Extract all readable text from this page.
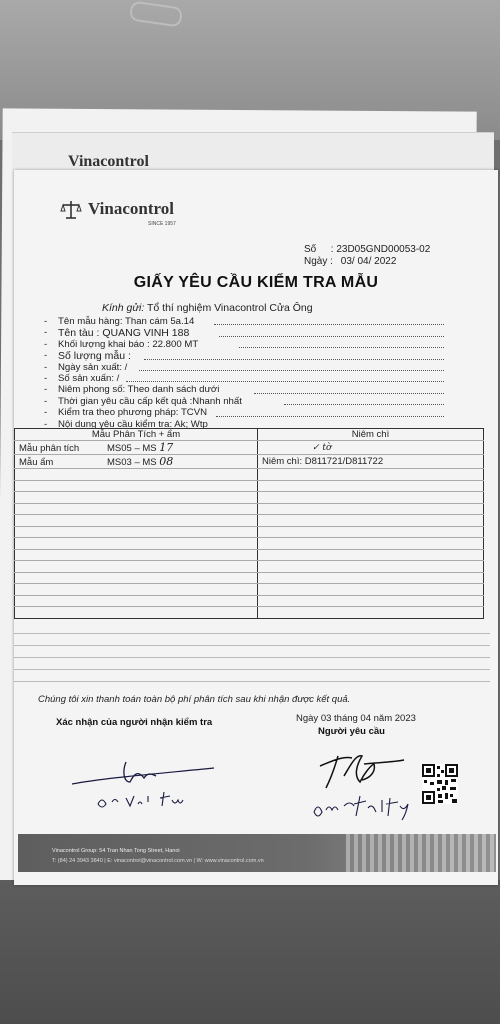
Vinacontrol
Vinacontrol
SINCE 1957
Số : 23D05GND00053-02
Ngày : 03/ 04/ 2022
GIẤY YÊU CẦU KIỂM TRA MẪU
Kính gửi: Tổ thí nghiệm Vinacontrol Cửa Ông
- Tên mẫu hàng: Than cám 5a.14
- Tên tàu : QUANG VINH 188
- Khối lượng khai báo : 22.800 MT
- Số lượng mẫu :
- Ngày sản xuất: /
- Số sản xuấn: /
- Niêm phong số: Theo danh sách dưới
- Thời gian yêu cầu cấp kết quả :Nhanh nhất
- Kiểm tra theo phương pháp: TCVN
- Nội dung yêu cầu kiểm tra: Ak; Wtp
Mẫu Phân Tích + ẩm	Niêm chì
Mẫu phân tích MS05 – MS 17	✓ tờ
Mẫu ẩm MS03 – MS 08	Niêm chì: D811721/D811722

Chúng tôi xin thanh toán toàn bộ phí phân tích sau khi nhận được kết quả.
Xác nhận của người nhận kiểm tra	Ngày 03 tháng 04 năm 2023
Người yêu cầu
Vinacontrol Group: 54 Tran Nhan Tong Street, Hanoi
T: (84) 24 3943 3840 | E: vinacontrol@vinacontrol.com.vn | W: www.vinacontrol.com.vn
